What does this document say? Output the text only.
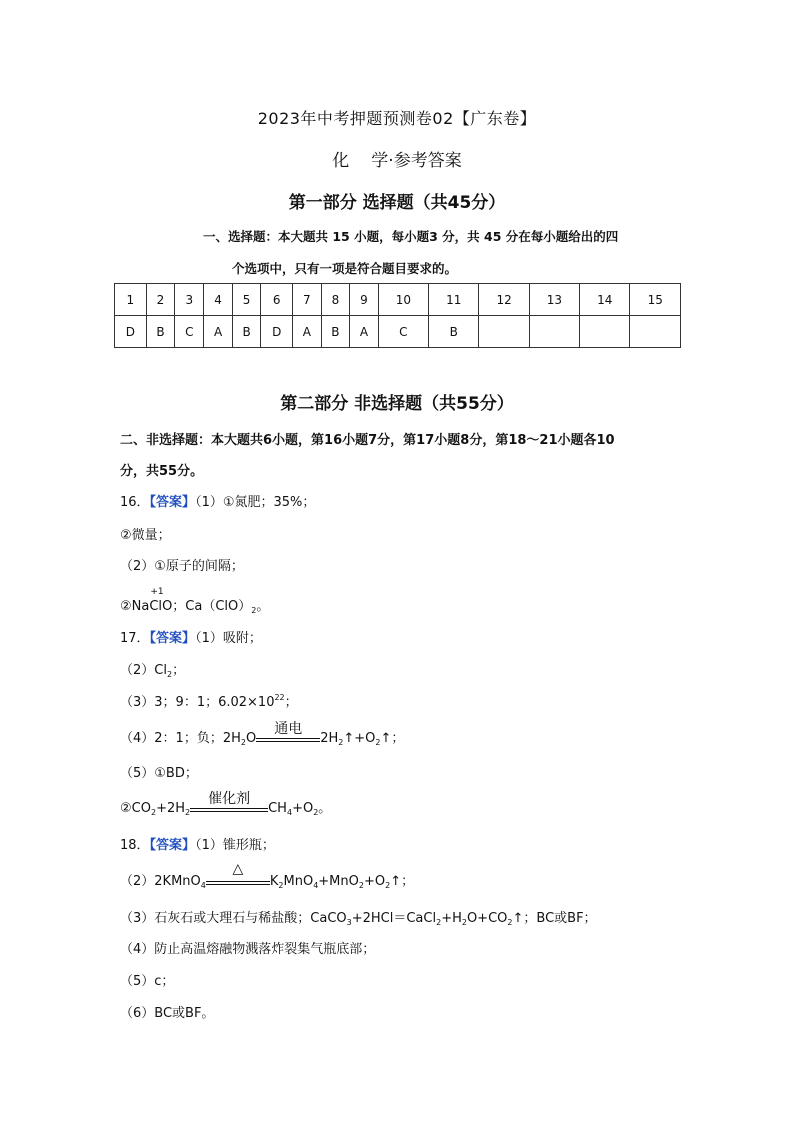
2023年中考押题预测卷02【广东卷】
化 学·参考答案
第一部分 选择题（共45分）
一、选择题：本大题共 15 小题，每小题3 分，共 45 分在每小题给出的四
个选项中，只有一项是符合题目要求的。
1	2	3	4	5	6	7	8	9	10	11	12	13	14	15
D	B	C	A	B	D	A	B	A	C	B				
第二部分 非选择题（共55分）
二、非选择题：本大题共6小题，第16小题7分，第17小题8分，第18～21小题各10
分，共55分。
16．【答案】（1）①氮肥；35%；
②微量；
（2）①原子的间隔；
②Na
+1
ClO；$Ca(ClO)_2$。
17．【答案】（1）吸附；
$(2)Cl_2$；
（3）3；9：1；$6.02\times 10^{22}$；
（4）2：1；负；$2H_2O$
通电
$2H_2↑+O_2↑$；
（5）①BD；
$②CO_2+2H_2$
催化剂
$CH_4+O_2$。
18．【答案】（1）锥形瓶；
（2）2KMnO$_4$
△
$K_2MnO_4+MnO_2+O_2↑$；
（3）石灰石或大理石与稀盐酸；$CaCO_3+2HCl=CaCl_2+H_2O+CO_2↑$；BC或BF；
（4）防止高温熔融物溅落炸裂集气瓶底部；
（5）c；
（6）BC或BF。
